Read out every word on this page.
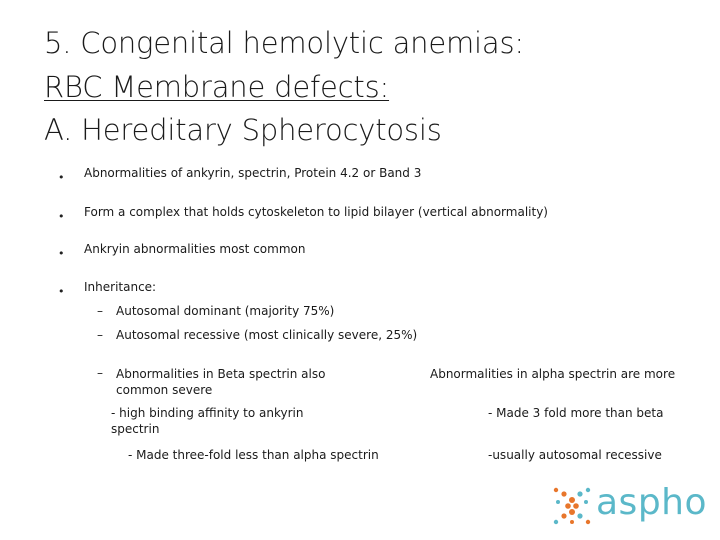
5. Congenital hemolytic anemias:
RBC Membrane defects:
A. Hereditary Spherocytosis
• Abnormalities of ankyrin, spectrin, Protein 4.2 or Band 3
• Form a complex that holds cytoskeleton to lipid bilayer (vertical abnormality)
• Ankryin abnormalities most common
• Inheritance:
– Autosomal dominant (majority 75%)
– Autosomal recessive (most clinically severe, 25%)
– Abnormalities in Beta spectrin also common severe
- high binding affinity to ankyrin spectrin
- Made three-fold less than alpha spectrin
Abnormalities in alpha spectrin are more
- Made 3 fold more than beta
-usually autosomal recessive
aspho
